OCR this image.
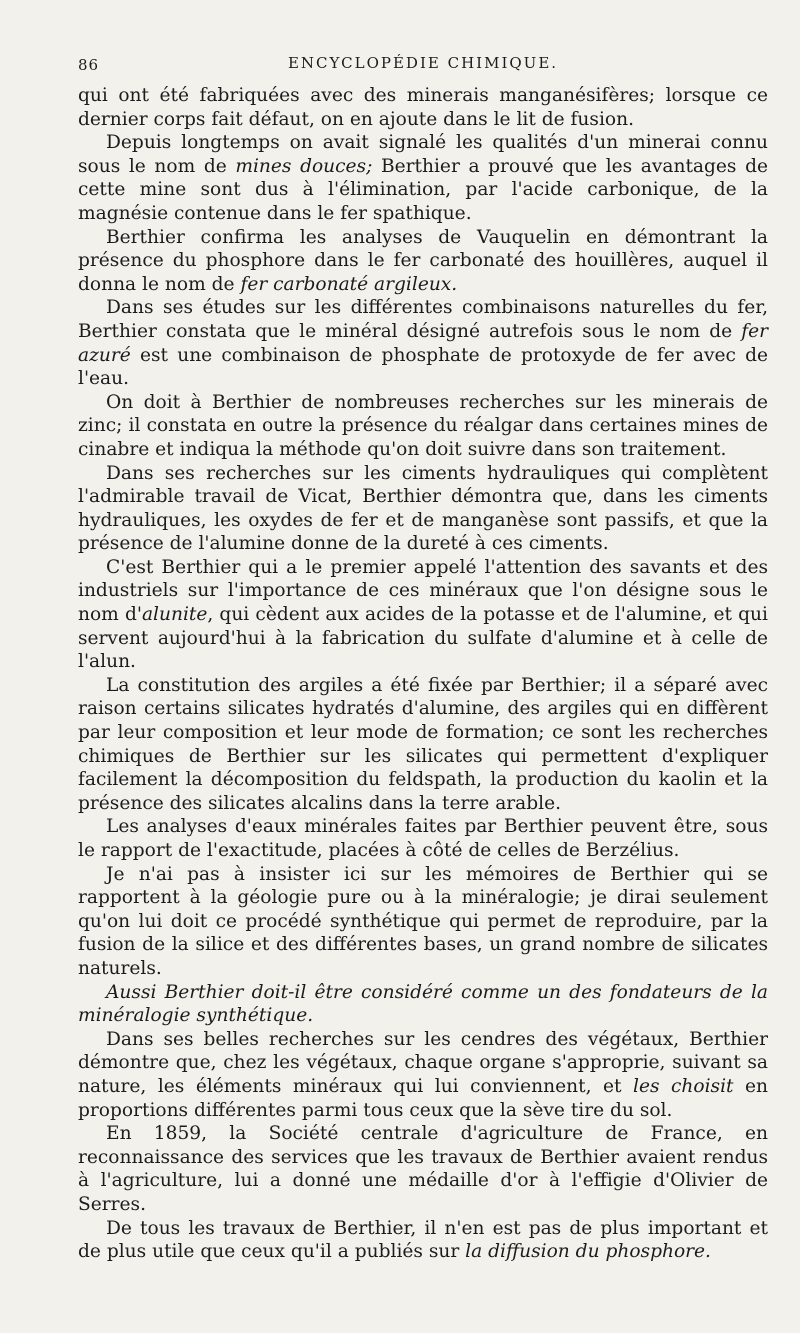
86	ENCYCLOPÉDIE CHIMIQUE.

qui ont été fabriquées avec des minerais manganésifères; lorsque ce dernier corps fait défaut, on en ajoute dans le lit de fusion.

Depuis longtemps on avait signalé les qualités d'un minerai connu sous le nom de mines douces; Berthier a prouvé que les avantages de cette mine sont dus à l'élimination, par l'acide carbonique, de la magnésie contenue dans le fer spathique.

Berthier confirma les analyses de Vauquelin en démontrant la présence du phosphore dans le fer carbonaté des houillères, auquel il donna le nom de fer carbonaté argileux.

Dans ses études sur les différentes combinaisons naturelles du fer, Berthier constata que le minéral désigné autrefois sous le nom de fer azuré est une combinaison de phosphate de protoxyde de fer avec de l'eau.

On doit à Berthier de nombreuses recherches sur les minerais de zinc; il constata en outre la présence du réalgar dans certaines mines de cinabre et indiqua la méthode qu'on doit suivre dans son traitement.

Dans ses recherches sur les ciments hydrauliques qui complètent l'admirable travail de Vicat, Berthier démontra que, dans les ciments hydrauliques, les oxydes de fer et de manganèse sont passifs, et que la présence de l'alumine donne de la dureté à ces ciments.

C'est Berthier qui a le premier appelé l'attention des savants et des industriels sur l'importance de ces minéraux que l'on désigne sous le nom d'alunite, qui cèdent aux acides de la potasse et de l'alumine, et qui servent aujourd'hui à la fabrication du sulfate d'alumine et à celle de l'alun.

La constitution des argiles a été fixée par Berthier; il a séparé avec raison certains silicates hydratés d'alumine, des argiles qui en diffèrent par leur composition et leur mode de formation; ce sont les recherches chimiques de Berthier sur les silicates qui permettent d'expliquer facilement la décomposition du feldspath, la production du kaolin et la présence des silicates alcalins dans la terre arable.

Les analyses d'eaux minérales faites par Berthier peuvent être, sous le rapport de l'exactitude, placées à côté de celles de Berzélius.

Je n'ai pas à insister ici sur les mémoires de Berthier qui se rapportent à la géologie pure ou à la minéralogie; je dirai seulement qu'on lui doit ce procédé synthétique qui permet de reproduire, par la fusion de la silice et des différentes bases, un grand nombre de silicates naturels.

Aussi Berthier doit-il être considéré comme un des fondateurs de la minéralogie synthétique.

Dans ses belles recherches sur les cendres des végétaux, Berthier démontre que, chez les végétaux, chaque organe s'approprie, suivant sa nature, les éléments minéraux qui lui conviennent, et les choisit en proportions différentes parmi tous ceux que la sève tire du sol.

En 1859, la Société centrale d'agriculture de France, en reconnaissance des services que les travaux de Berthier avaient rendus à l'agriculture, lui a donné une médaille d'or à l'effigie d'Olivier de Serres.

De tous les travaux de Berthier, il n'en est pas de plus important et de plus utile que ceux qu'il a publiés sur la diffusion du phosphore.
